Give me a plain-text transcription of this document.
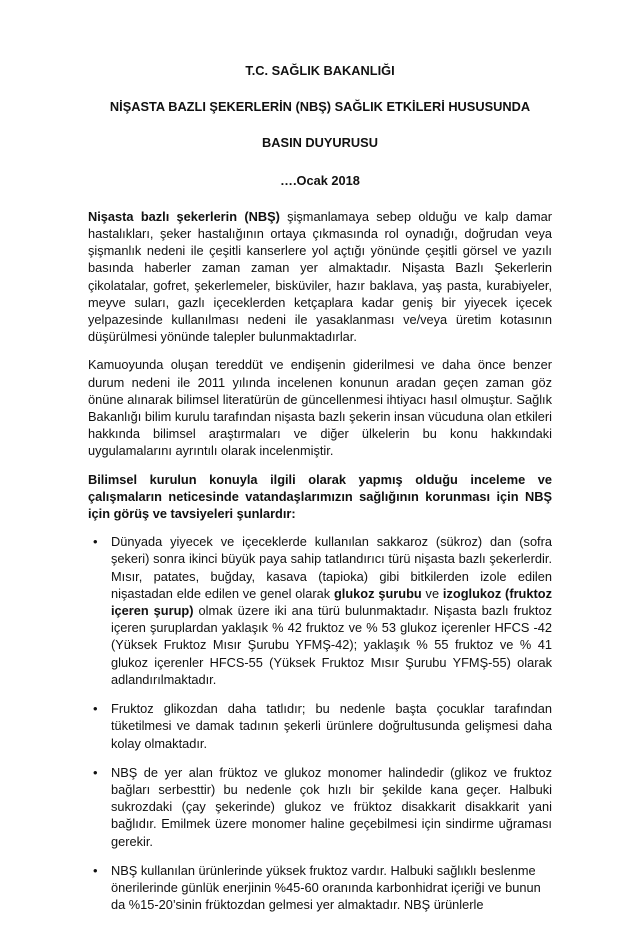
T.C. SAĞLIK BAKANLIĞI
NİŞASTA BAZLI ŞEKERLERİN (NBŞ) SAĞLIK ETKİLERİ HUSUSUNDA
BASIN DUYURUSU
….Ocak 2018
Nişasta bazlı şekerlerin (NBŞ) şişmanlamaya sebep olduğu ve kalp damar hastalıkları, şeker hastalığının ortaya çıkmasında rol oynadığı, doğrudan veya şişmanlık nedeni ile çeşitli kanserlere yol açtığı yönünde çeşitli görsel ve yazılı basında haberler zaman zaman yer almaktadır. Nişasta Bazlı Şekerlerin çikolatalar, gofret, şekerlemeler, bisküviler, hazır baklava, yaş pasta, kurabiyeler, meyve suları, gazlı içeceklerden ketçaplara kadar geniş bir yiyecek içecek yelpazesinde kullanılması nedeni ile yasaklanması ve/veya üretim kotasının düşürülmesi yönünde talepler bulunmaktadırlar.
Kamuoyunda oluşan tereddüt ve endişenin giderilmesi ve daha önce benzer durum nedeni ile 2011 yılında incelenen konunun aradan geçen zaman göz önüne alınarak bilimsel literatürün de güncellenmesi ihtiyacı hasıl olmuştur. Sağlık Bakanlığı bilim kurulu tarafından nişasta bazlı şekerin insan vücuduna olan etkileri hakkında bilimsel araştırmaları ve diğer ülkelerin bu konu hakkındaki uygulamalarını ayrıntılı olarak incelenmiştir.
Bilimsel kurulun konuyla ilgili olarak yapmış olduğu inceleme ve çalışmaların neticesinde vatandaşlarımızın sağlığının korunması için NBŞ için görüş ve tavsiyeleri şunlardır:
• Dünyada yiyecek ve içeceklerde kullanılan sakkaroz (sükroz) dan (sofra şekeri) sonra ikinci büyük paya sahip tatlandırıcı türü nişasta bazlı şekerlerdir. Mısır, patates, buğday, kasava (tapioka) gibi bitkilerden izole edilen nişastadan elde edilen ve genel olarak glukoz şurubu ve izoglukoz (fruktoz içeren şurup) olmak üzere iki ana türü bulunmaktadır. Nişasta bazlı fruktoz içeren şuruplardan yaklaşık % 42 fruktoz ve % 53 glukoz içerenler HFCS -42 (Yüksek Fruktoz Mısır Şurubu YFMŞ-42); yaklaşık % 55 fruktoz ve % 41 glukoz içerenler HFCS-55 (Yüksek Fruktoz Mısır Şurubu YFMŞ-55) olarak adlandırılmaktadır.
• Fruktoz glikozdan daha tatlıdır; bu nedenle başta çocuklar tarafından tüketilmesi ve damak tadının şekerli ürünlere doğrultusunda gelişmesi daha kolay olmaktadır.
• NBŞ de yer alan früktoz ve glukoz monomer halindedir (glikoz ve fruktoz bağları serbesttir) bu nedenle çok hızlı bir şekilde kana geçer. Halbuki sukrozdaki (çay şekerinde) glukoz ve früktoz disakkarit disakkarit yani bağlıdır. Emilmek üzere monomer haline geçebilmesi için sindirme uğraması gerekir.
• NBŞ kullanılan ürünlerinde yüksek fruktoz vardır. Halbuki sağlıklı beslenme önerilerinde günlük enerjinin %45-60 oranında karbonhidrat içeriği ve bunun da %15-20’sinin früktozdan gelmesi yer almaktadır. NBŞ ürünlerle
